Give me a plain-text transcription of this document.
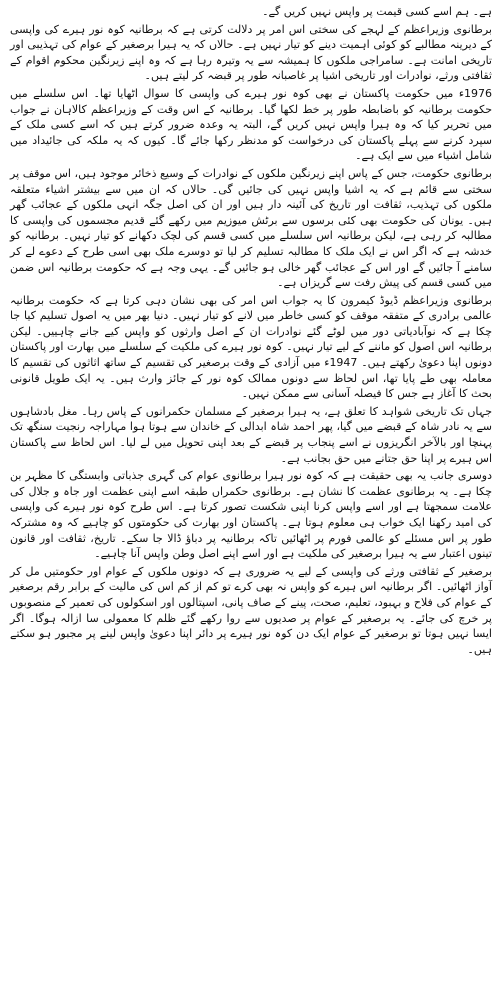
ہے۔ ہم اسے کسی قیمت پر واپس نہیں کریں گے۔

برطانوی وزیراعظم کے لہجے کی سختی اس امر پر دلالت کرتی ہے کہ برطانیہ کوہ نور ہیرے کی واپسی کے دیرینہ مطالبے کو کوئی اہمیت دینے کو تیار نہیں ہے۔ حالاں کہ یہ ہیرا برصغیر کے عوام کی تہذیبی اور تاریخی امانت ہے۔ سامراجی ملکوں کا ہمیشہ سے یہ وتیرہ رہا ہے کہ وہ اپنے زیرنگین محکوم اقوام کے ثقافتی ورثے، نوادرات اور تاریخی اشیا پر غاصبانہ طور پر قبضہ کر لیتے ہیں۔

1976ء میں حکومت پاکستان نے بھی کوہ نور ہیرے کی واپسی کا سوال اٹھایا تھا۔ اس سلسلے میں حکومت برطانیہ کو باضابطہ طور پر خط لکھا گیا۔ برطانیہ کے اس وقت کے وزیراعظم کالاہان نے جواب میں تحریر کیا کہ وہ ہیرا واپس نہیں کریں گے، البتہ یہ وعدہ ضرور کرتے ہیں کہ اسے کسی ملک کے سپرد کرنے سے پہلے پاکستان کی درخواست کو مدنظر رکھا جائے گا۔ کیوں کہ یہ ملکہ کی جائیداد میں شامل اشیاء میں سے ایک ہے۔

برطانوی حکومت، جس کے پاس اپنے زیرنگین ملکوں کے نوادرات کے وسیع ذخائر موجود ہیں، اس موقف پر سختی سے قائم ہے کہ یہ اشیا واپس نہیں کی جائیں گی۔ حالاں کہ ان میں سے بیشتر اشیاء متعلقہ ملکوں کی تہذیب، ثقافت اور تاریخ کی آئینہ دار ہیں اور ان کی اصل جگہ انہی ملکوں کے عجائب گھر ہیں۔ یونان کی حکومت بھی کئی برسوں سے برٹش میوزیم میں رکھے گئے قدیم مجسموں کی واپسی کا مطالبہ کر رہی ہے، لیکن برطانیہ اس سلسلے میں کسی قسم کی لچک دکھانے کو تیار نہیں۔ برطانیہ کو خدشہ ہے کہ اگر اس نے ایک ملک کا مطالبہ تسلیم کر لیا تو دوسرے ملک بھی اسی طرح کے دعوے لے کر سامنے آ جائیں گے اور اس کے عجائب گھر خالی ہو جائیں گے۔ یہی وجہ ہے کہ حکومت برطانیہ اس ضمن میں کسی قسم کی پیش رفت سے گریزاں ہے۔

برطانوی وزیراعظم ڈیوڈ کیمرون کا یہ جواب اس امر کی بھی نشان دہی کرتا ہے کہ حکومت برطانیہ عالمی برادری کے متفقہ موقف کو کسی خاطر میں لانے کو تیار نہیں۔ دنیا بھر میں یہ اصول تسلیم کیا جا چکا ہے کہ نوآبادیاتی دور میں لوٹے گئے نوادرات ان کے اصل وارثوں کو واپس کیے جانے چاہییں۔ لیکن برطانیہ اس اصول کو ماننے کے لیے تیار نہیں۔ کوہ نور ہیرے کی ملکیت کے سلسلے میں بھارت اور پاکستان دونوں اپنا دعویٰ رکھتے ہیں۔ 1947ء میں آزادی کے وقت برصغیر کی تقسیم کے ساتھ اثاثوں کی تقسیم کا معاملہ بھی طے پایا تھا، اس لحاظ سے دونوں ممالک کوہ نور کے جائز وارث ہیں۔ یہ ایک طویل قانونی بحث کا آغاز ہے جس کا فیصلہ آسانی سے ممکن نہیں۔

جہاں تک تاریخی شواہد کا تعلق ہے، یہ ہیرا برصغیر کے مسلمان حکمرانوں کے پاس رہا۔ مغل بادشاہوں سے یہ نادر شاہ کے قبضے میں گیا، پھر احمد شاہ ابدالی کے خاندان سے ہوتا ہوا مہاراجہ رنجیت سنگھ تک پہنچا اور بالآخر انگریزوں نے اسے پنجاب پر قبضے کے بعد اپنی تحویل میں لے لیا۔ اس لحاظ سے پاکستان اس ہیرے پر اپنا حق جتانے میں حق بجانب ہے۔

دوسری جانب یہ بھی حقیقت ہے کہ کوہ نور ہیرا برطانوی عوام کی گہری جذباتی وابستگی کا مظہر بن چکا ہے۔ یہ برطانوی عظمت کا نشان ہے۔ برطانوی حکمراں طبقہ اسے اپنی عظمت اور جاہ و جلال کی علامت سمجھتا ہے اور اسے واپس کرنا اپنی شکست تصور کرتا ہے۔ اس طرح کوہ نور ہیرے کی واپسی کی امید رکھنا ایک خواب ہی معلوم ہوتا ہے۔ پاکستان اور بھارت کی حکومتوں کو چاہیے کہ وہ مشترکہ طور پر اس مسئلے کو عالمی فورم پر اٹھائیں تاکہ برطانیہ پر دباؤ ڈالا جا سکے۔ تاریخ، ثقافت اور قانون تینوں اعتبار سے یہ ہیرا برصغیر کی ملکیت ہے اور اسے اپنے اصل وطن واپس آنا چاہیے۔

برصغیر کے ثقافتی ورثے کی واپسی کے لیے یہ ضروری ہے کہ دونوں ملکوں کے عوام اور حکومتیں مل کر آواز اٹھائیں۔ اگر برطانیہ اس ہیرے کو واپس نہ بھی کرے تو کم از کم اس کی مالیت کے برابر رقم برصغیر کے عوام کی فلاح و بہبود، تعلیم، صحت، پینے کے صاف پانی، اسپتالوں اور اسکولوں کی تعمیر کے منصوبوں پر خرچ کی جائے۔ یہ برصغیر کے عوام پر صدیوں سے روا رکھے گئے ظلم کا معمولی سا ازالہ ہوگا۔ اگر ایسا نہیں ہوتا تو برصغیر کے عوام ایک دن کوہ نور ہیرے پر دائر اپنا دعویٰ واپس لینے پر مجبور ہو سکتے ہیں۔
